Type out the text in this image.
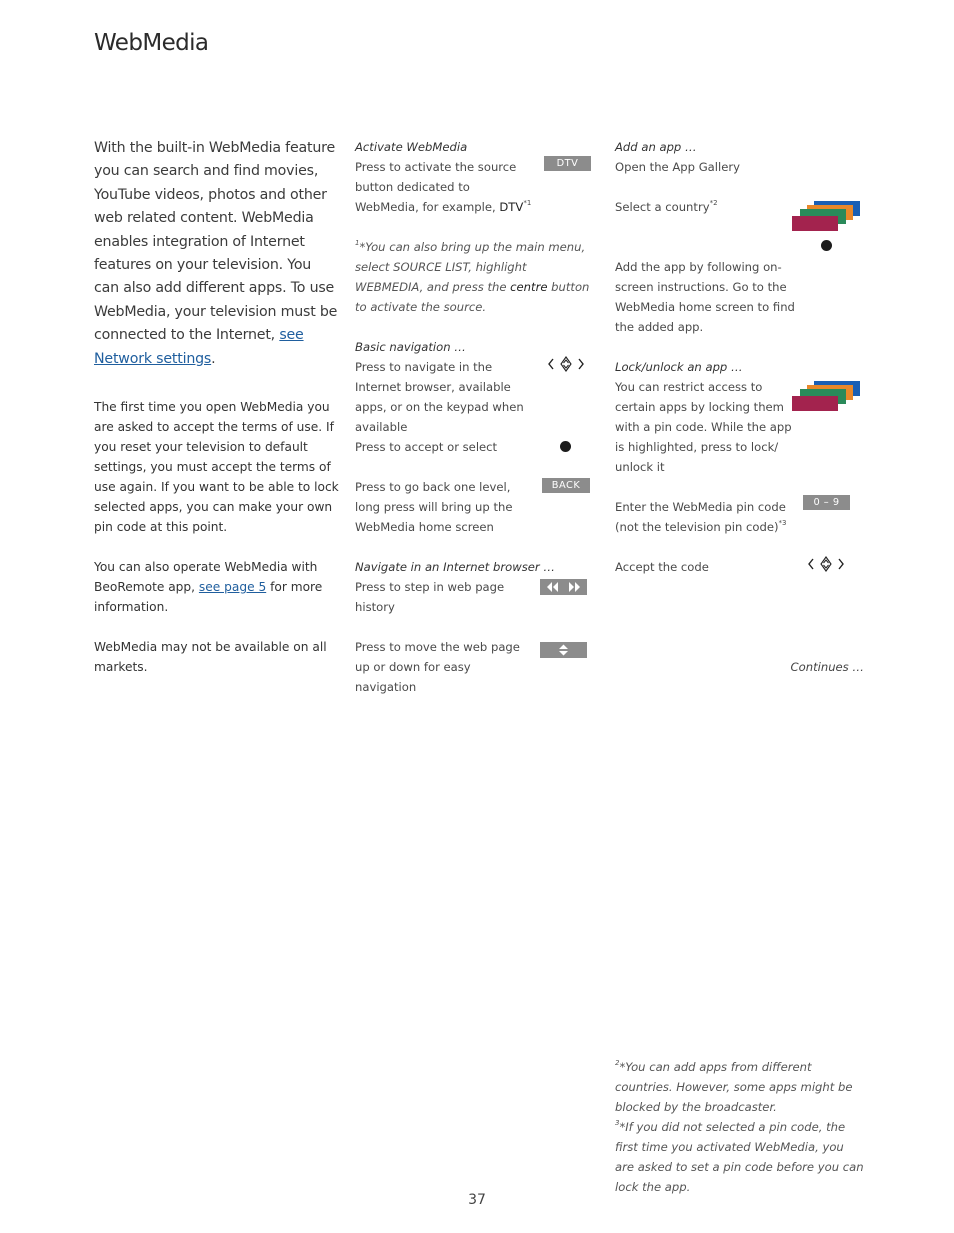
WebMedia
With the built-in WebMedia feature you can search and find movies, YouTube videos, photos and other web related content. WebMedia enables integration of Internet features on your television. You can also add different apps. To use WebMedia, your television must be connected to the Internet, see Network settings.
The first time you open WebMedia you are asked to accept the terms of use. If you reset your television to default settings, you must accept the terms of use again. If you want to be able to lock selected apps, you can make your own pin code at this point.
You can also operate WebMedia with BeoRemote app, see page 5 for more information.
WebMedia may not be available on all markets.
Activate WebMedia
Press to activate the source button dedicated to WebMedia, for example, DTV$^{*1}$
DTV
$^1$*You can also bring up the main menu, select SOURCE LIST, highlight WEBMEDIA, and press the centre button to activate the source.
Basic navigation …
Press to navigate in the Internet browser, available apps, or on the keypad when available
Press to accept or select
Press to go back one level, long press will bring up the WebMedia home screen
BACK
Navigate in an Internet browser …
Press to step in web page history
Press to move the web page up or down for easy navigation
Add an app …
Open the App Gallery
Select a country$^{*2}$
Add the app by following on-screen instructions. Go to the WebMedia home screen to find the added app.
Lock/unlock an app …
You can restrict access to certain apps by locking them with a pin code. While the app is highlighted, press to lock/ unlock it
Enter the WebMedia pin code (not the television pin code)$^{*3}$
0 – 9
Accept the code
Continues …
$^2$*You can add apps from different countries. However, some apps might be blocked by the broadcaster.
$^3$*If you did not selected a pin code, the first time you activated WebMedia, you are asked to set a pin code before you can lock the app.
37
